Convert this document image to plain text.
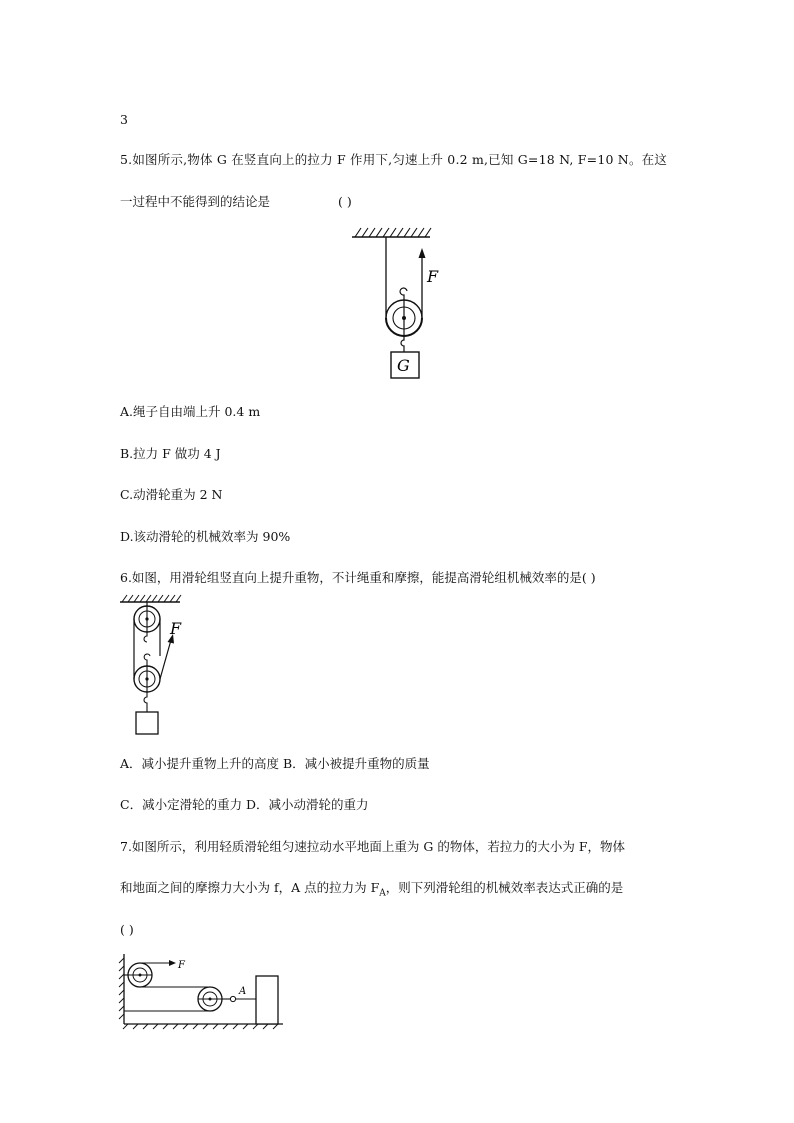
3
5.如图所示,物体 G 在竖直向上的拉力 F 作用下,匀速上升 0.2 m,已知 G=18 N, F=10 N。在这
一过程中不能得到的结论是	( )
F
G
A.绳子自由端上升 0.4 m
B.拉力 F 做功 4 J
C.动滑轮重为 2 N
D.该动滑轮的机械效率为 90%
6.如图，用滑轮组竖直向上提升重物，不计绳重和摩擦，能提高滑轮组机械效率的是( )
F
A．减小提升重物上升的高度 B．减小被提升重物的质量
C．减小定滑轮的重力 D．减小动滑轮的重力
7.如图所示，利用轻质滑轮组匀速拉动水平地面上重为 G 的物体，若拉力的大小为 F，物体
和地面之间的摩擦力大小为 f，A 点的拉力为 $F_A$，则下列滑轮组的机械效率表达式正确的是
( )
F
A
